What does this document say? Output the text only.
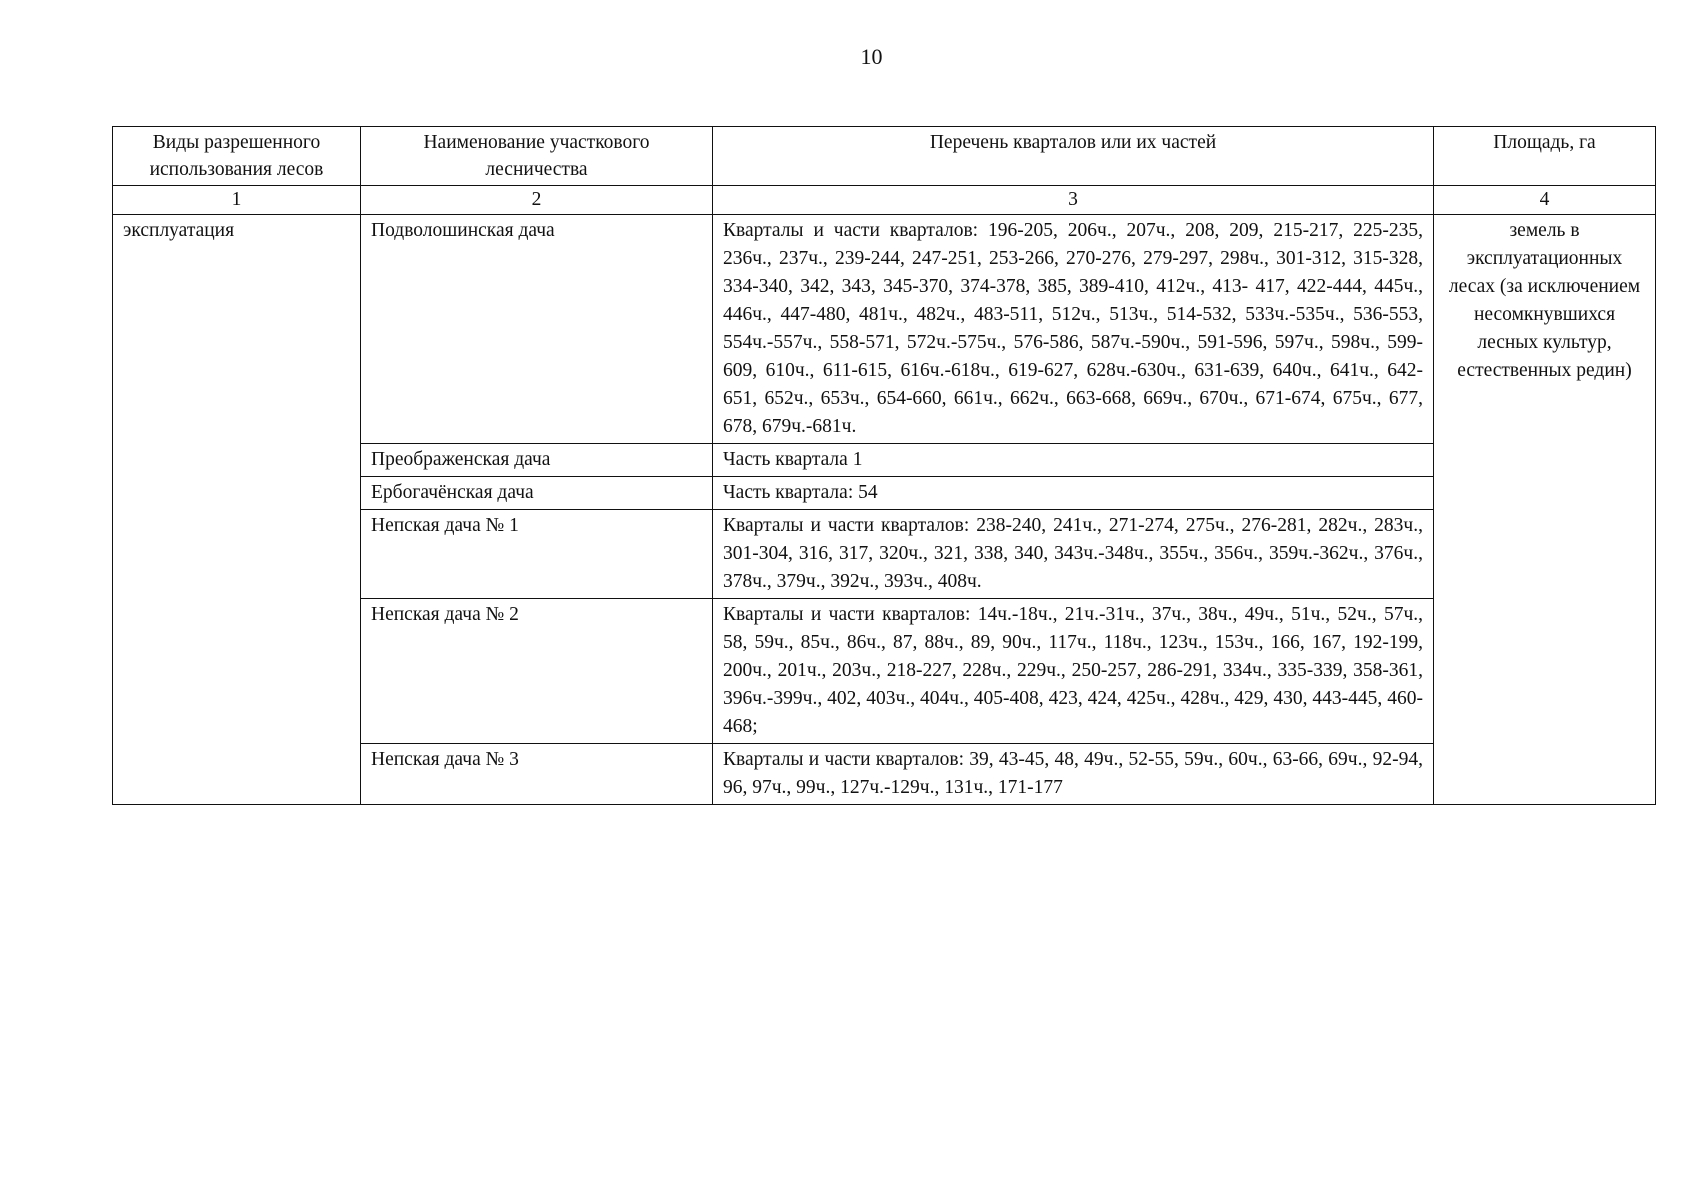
10
Виды разрешенного использования лесов	Наименование участкового лесничества	Перечень кварталов или их частей	Площадь, га
1	2	3	4
эксплуатация	Подволошинская дача	Кварталы и части кварталов: 196-205, 206ч., 207ч., 208, 209, 215-217, 225-235, 236ч., 237ч., 239-244, 247-251, 253-266, 270-276, 279-297, 298ч., 301-312, 315-328, 334-340, 342, 343, 345-370, 374-378, 385, 389-410, 412ч., 413- 417, 422-444, 445ч., 446ч., 447-480, 481ч., 482ч., 483-511, 512ч., 513ч., 514-532, 533ч.-535ч., 536-553, 554ч.-557ч., 558-571, 572ч.-575ч., 576-586, 587ч.-590ч., 591-596, 597ч., 598ч., 599-609, 610ч., 611-615, 616ч.-618ч., 619-627, 628ч.-630ч., 631-639, 640ч., 641ч., 642-651, 652ч., 653ч., 654-660, 661ч., 662ч., 663-668, 669ч., 670ч., 671-674, 675ч., 677, 678, 679ч.-681ч.	земель в эксплуатационных лесах (за исключением несомкнувшихся лесных культур, естественных редин)
	Преображенская дача	Часть квартала 1	
	Ербогачёнская дача	Часть квартала: 54	
	Непская дача № 1	Кварталы и части кварталов: 238-240, 241ч., 271-274, 275ч., 276-281, 282ч., 283ч., 301-304, 316, 317, 320ч., 321, 338, 340, 343ч.-348ч., 355ч., 356ч., 359ч.-362ч., 376ч., 378ч., 379ч., 392ч., 393ч., 408ч.	
	Непская дача № 2	Кварталы и части кварталов: 14ч.-18ч., 21ч.-31ч., 37ч., 38ч., 49ч., 51ч., 52ч., 57ч., 58, 59ч., 85ч., 86ч., 87, 88ч., 89, 90ч., 117ч., 118ч., 123ч., 153ч., 166, 167, 192-199, 200ч., 201ч., 203ч., 218-227, 228ч., 229ч., 250-257, 286-291, 334ч., 335-339, 358-361, 396ч.-399ч., 402, 403ч., 404ч., 405-408, 423, 424, 425ч., 428ч., 429, 430, 443-445, 460-468;	
	Непская дача № 3	Кварталы и части кварталов: 39, 43-45, 48, 49ч., 52-55, 59ч., 60ч., 63-66, 69ч., 92-94, 96, 97ч., 99ч., 127ч.-129ч., 131ч., 171-177	
